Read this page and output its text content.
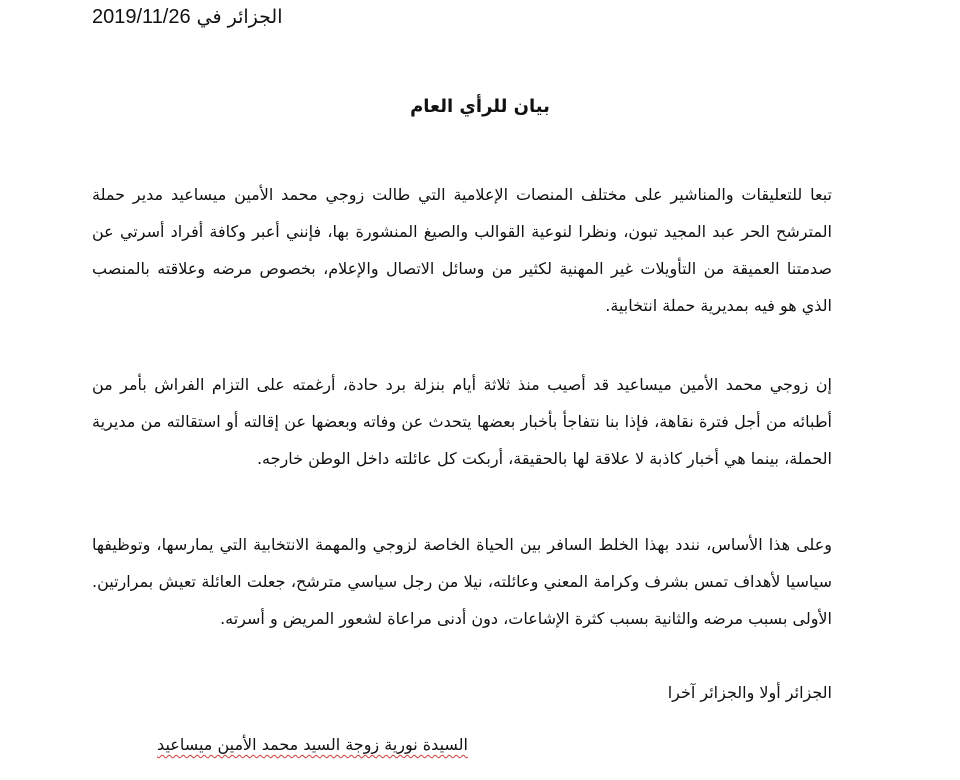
2019/11/26 الجزائر في
بيان للرأي العام
تبعا للتعليقات والمناشير على مختلف المنصات الإعلامية التي طالت زوجي محمد الأمين ميساعيد مدير حملة المترشح الحر عبد المجيد تبون، ونظرا لنوعية القوالب والصيغ المنشورة بها، فإنني أعبر وكافة أفراد أسرتي عن صدمتنا العميقة من التأويلات غير المهنية لكثير من وسائل الاتصال والإعلام، بخصوص مرضه وعلاقته بالمنصب الذي هو فيه بمديرية حملة انتخابية.
إن زوجي محمد الأمين ميساعيد قد أصيب منذ ثلاثة أيام بنزلة برد حادة، أرغمته على التزام الفراش بأمر من أطبائه من أجل فترة نقاهة، فإذا بنا نتفاجأ بأخبار بعضها يتحدث عن وفاته وبعضها عن إقالته أو استقالته من مديرية الحملة، بينما هي أخبار كاذبة لا علاقة لها بالحقيقة، أربكت كل عائلته داخل الوطن خارجه.
وعلى هذا الأساس، نندد بهذا الخلط السافر بين الحياة الخاصة لزوجي والمهمة الانتخابية التي يمارسها، وتوظيفها سياسيا لأهداف تمس بشرف وكرامة المعني وعائلته، نيلا من رجل سياسي مترشح، جعلت العائلة تعيش بمرارتين. الأولى بسبب مرضه والثانية بسبب كثرة الإشاعات، دون أدنى مراعاة لشعور المريض و أسرته.
الجزائر أولا والجزائر آخرا
السيدة نورية زوجة السيد محمد الأمين ميساعيد
